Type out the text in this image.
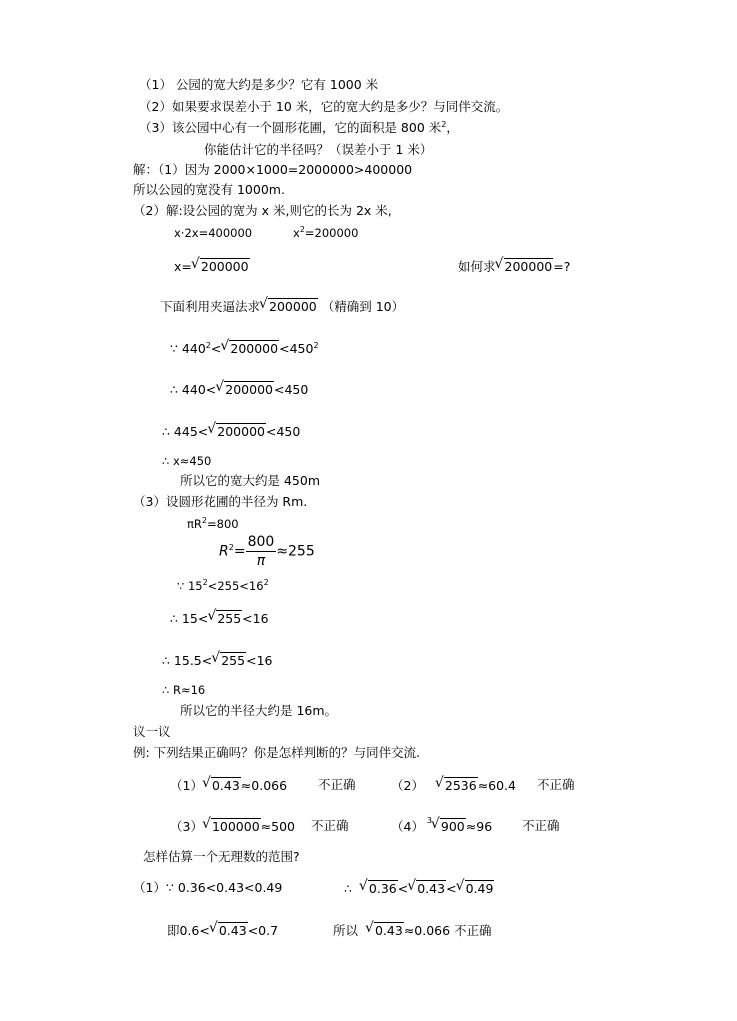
（1） 公园的宽大约是多少？它有 1000 米
（2）如果要求误差小于 10 米，它的宽大约是多少？与同伴交流。
（3）该公园中心有一个圆形花圃，它的面积是 800 米$^2$，
你能估计它的半径吗？（误差小于 1 米）
解：（1）因为 2000×1000=2000000>400000
所以公园的宽没有 1000m.
（2）解:设公园的宽为 x 米,则它的长为 2x 米,
x·2x=400000	$x^2=200000$
x=√ 200000	如何求√ 200000=?
下面利用夹逼法求√ 200000 （精确到 10）
∵ $440^2<√$ $200000<450^2$
∴ 440<√ 200000<450
∴ 445<√ 200000<450
∴ x≈450
所以它的宽大约是 450m
（3）设圆形花圃的半径为 Rm.
$\pi R^2=800$
$R^2= \frac{800}{\pi} \approx 255$
∵ $15^2<255<16^2$
∴ 15<√ 255<16
∴ 15.5<√ 255<16
∴ R≈16
所以它的半径大约是 16m。
议一议
例: 下列结果正确吗？你是怎样判断的？与同伴交流.
（1）√ 0.43≈0.066 不正确	（2）   √ 2536≈60.4 不正确
（3）√ 100000≈500 不正确	（4）
√ 3 900≈96 不正确
怎样估算一个无理数的范围?
（1）∵ 0.36<0.43<0.49	∴  √ 0.36<√ 0.43<√ 0.49
即0.6<√ 0.43<0.7	所以  √ 0.43≈0.066 不正确
